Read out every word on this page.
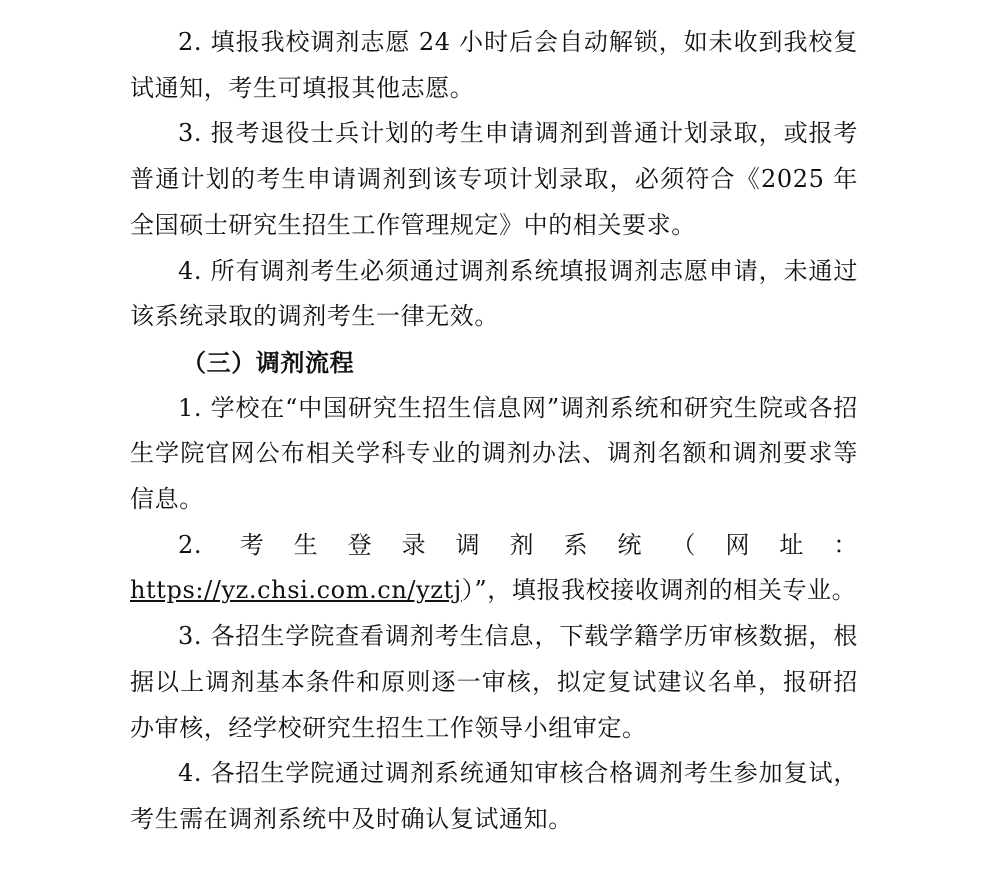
2. 填报我校调剂志愿 24 小时后会自动解锁，如未收到我校复试通知，考生可填报其他志愿。

3. 报考退役士兵计划的考生申请调剂到普通计划录取，或报考普通计划的考生申请调剂到该专项计划录取，必须符合《2025 年全国硕士研究生招生工作管理规定》中的相关要求。

4. 所有调剂考生必须通过调剂系统填报调剂志愿申请，未通过该系统录取的调剂考生一律无效。

（三）调剂流程

1. 学校在“中国研究生招生信息网”调剂系统和研究生院或各招生学院官网公布相关学科专业的调剂办法、调剂名额和调剂要求等信息。

2. 考生登录调剂系统（网址：https://yz.chsi.com.cn/yztj）”，填报我校接收调剂的相关专业。

3. 各招生学院查看调剂考生信息，下载学籍学历审核数据，根据以上调剂基本条件和原则逐一审核，拟定复试建议名单，报研招办审核，经学校研究生招生工作领导小组审定。

4. 各招生学院通过调剂系统通知审核合格调剂考生参加复试，考生需在调剂系统中及时确认复试通知。
